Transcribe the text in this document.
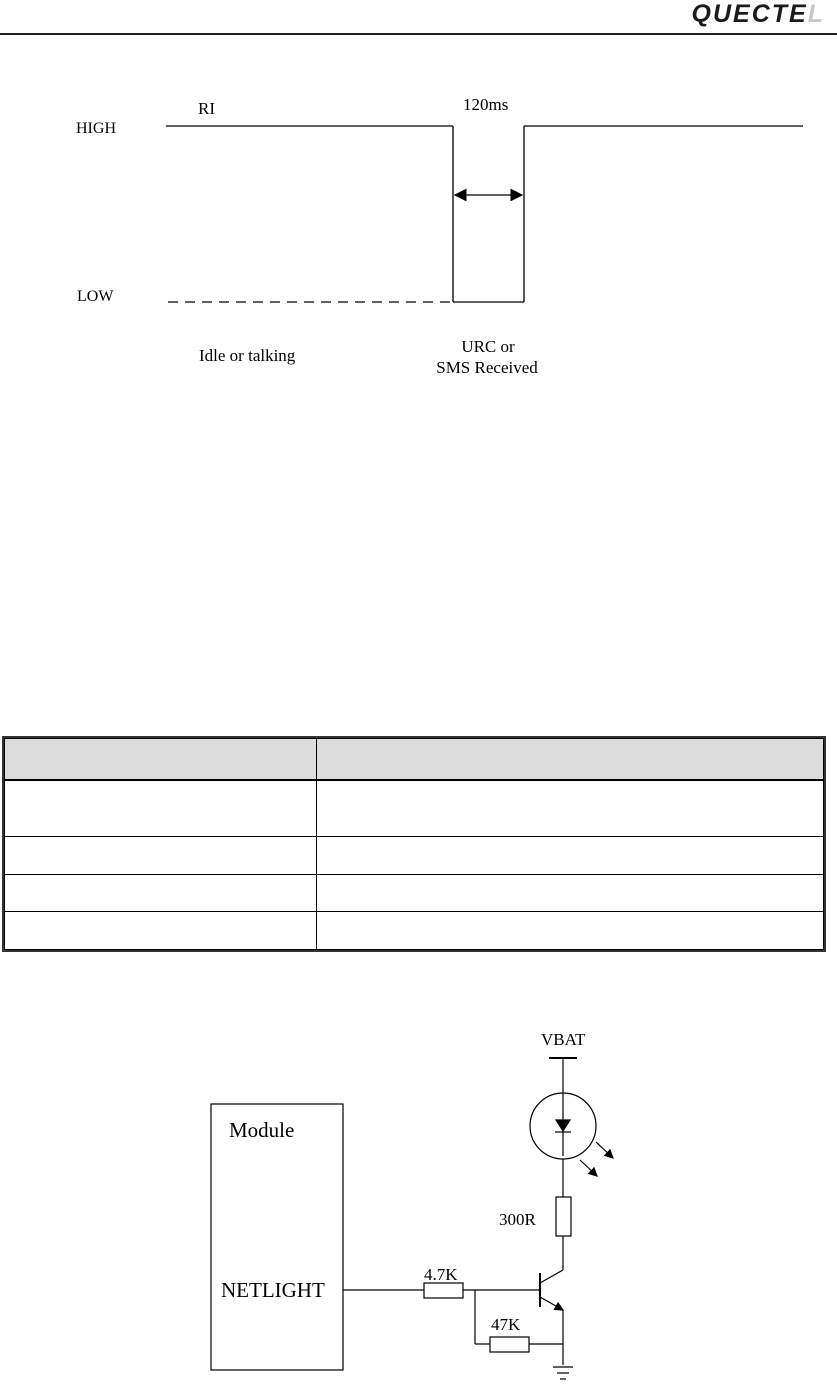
QUECTEL
RI
HIGH
LOW
120ms
Idle or talking	URC or
SMS Received

Module
NETLIGHT
VBAT
300R
4.7K
47K
